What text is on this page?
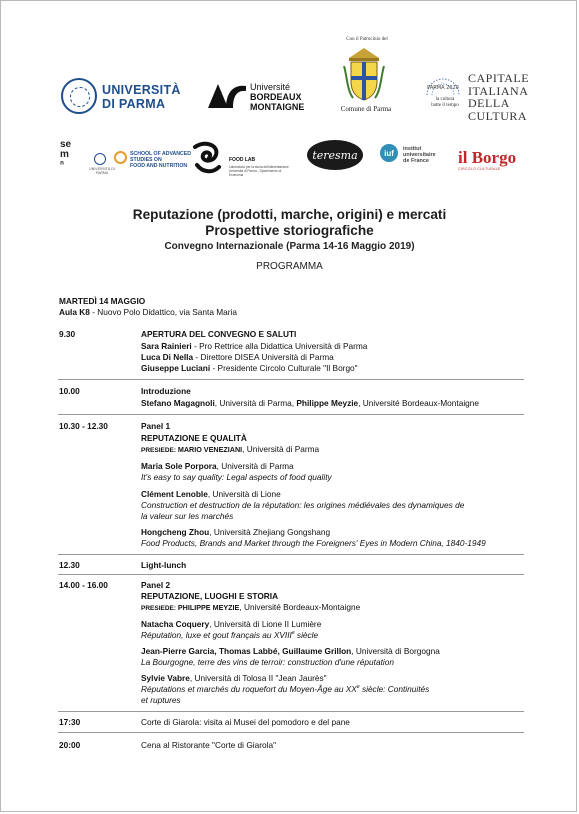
UNIVERSITÀ
DI PARMA
Université
BORDEAUX
MONTAIGNE
Con il Patrocinio del
Comune di Parma
PARMA 2020
la cultura
batte il tempo
CAPITALE
ITALIANA
DELLA
CULTURA
sem ⁿ	UNIVERSITÀ DI PARMA
SCHOOL OF ADVANCED
STUDIES ON
FOOD AND NUTRITION
FOOD LAB
Laboratorio per la storia dell'alimentazione Università di Parma - Dipartimento di Economia
teresma	iuf	institut
universitaire
de France	il Borgo
CIRCOLO CULTURALE
Reputazione (prodotti, marche, origini) e mercati
Prospettive storiografiche
Convegno Internazionale (Parma 14-16 Maggio 2019)
PROGRAMMA
MARTEDÌ 14 MAGGIO
Aula K8 - Nuovo Polo Didattico, via Santa Maria
9.30	APERTURA DEL CONVEGNO E SALUTI
Sara Rainieri - Pro Rettrice alla Didattica Università di Parma
Luca Di Nella - Direttore DISEA Università di Parma
Giuseppe Luciani - Presidente Circolo Culturale "Il Borgo"
10.00	Introduzione
Stefano Magagnoli, Università di Parma, Philippe Meyzie, Université Bordeaux-Montaigne
10.30 - 12.30	Panel 1
REPUTAZIONE E QUALITÀ
PRESIEDE: MARIO VENEZIANI, Università di Parma
Maria Sole Porpora, Università di Parma
It's easy to say quality: Legal aspects of food quality
Clément Lenoble, Università di Lione
Construction et destruction de la réputation: les origines médiévales des dynamiques de
la valeur sur les marchés
Hongcheng Zhou, Università Zhejiang Gongshang
Food Products, Brands and Market through the Foreigners' Eyes in Modern China, 1840-1949
12.30	Light-lunch
14.00 - 16.00	Panel 2
REPUTAZIONE, LUOGHI E STORIA
PRESIEDE: PHILIPPE MEYZIE, Université Bordeaux-Montaigne
Natacha Coquery, Università di Lione II Lumière
Réputation, luxe et gout français au XVIIIe siècle
Jean-Pierre Garcia, Thomas Labbé, Guillaume Grillon, Università di Borgogna
La Bourgogne, terre des vins de terroir: construction d'une réputation
Sylvie Vabre, Università di Tolosa II "Jean Jaurès"
Réputations et marchés du roquefort du Moyen-Âge au XXe siècle: Continuités
et ruptures
17:30	Corte di Giarola: visita ai Musei del pomodoro e del pane
20:00	Cena al Ristorante "Corte di Giarola"
